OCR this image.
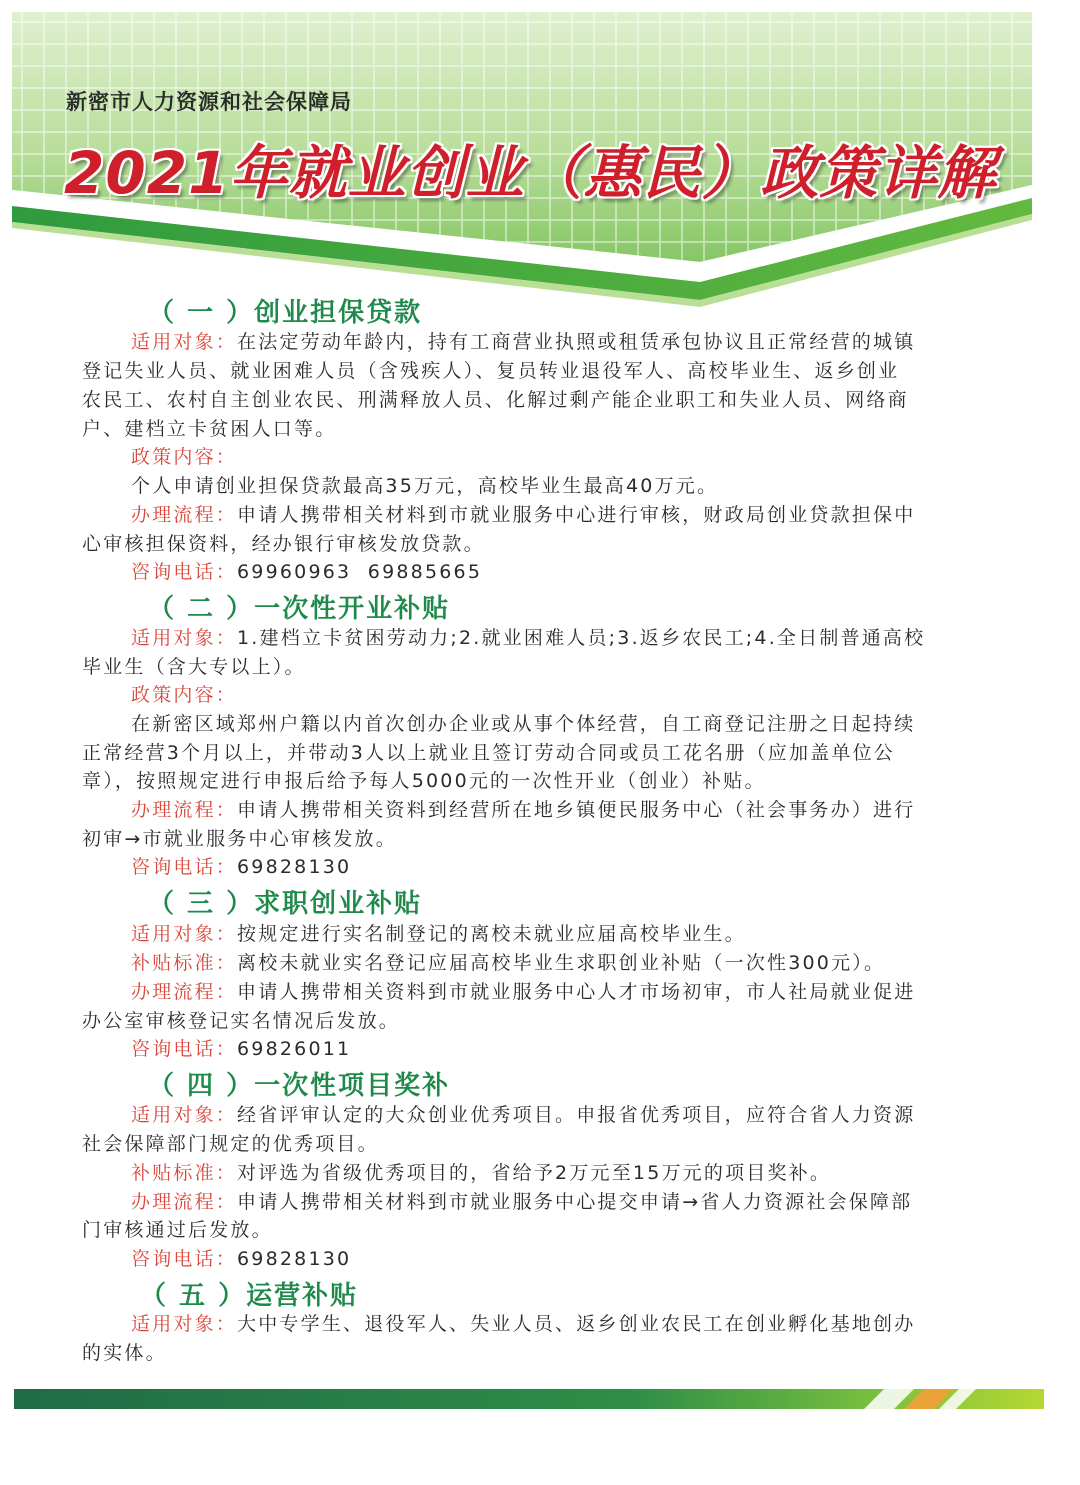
新密市人力资源和社会保障局
2021年就业创业（惠民）政策详解
（ 一 ）创业担保贷款
适用对象：在法定劳动年龄内，持有工商营业执照或租赁承包协议且正常经营的城镇
登记失业人员、就业困难人员（含残疾人）、复员转业退役军人、高校毕业生、返乡创业
农民工、农村自主创业农民、刑满释放人员、化解过剩产能企业职工和失业人员、网络商
户、建档立卡贫困人口等。
政策内容：
个人申请创业担保贷款最高35万元，高校毕业生最高40万元。
办理流程：申请人携带相关材料到市就业服务中心进行审核，财政局创业贷款担保中
心审核担保资料，经办银行审核发放贷款。
咨询电话：69960963  69885665
（ 二 ）一次性开业补贴
适用对象：1.建档立卡贫困劳动力;2.就业困难人员;3.返乡农民工;4.全日制普通高校
毕业生（含大专以上）。
政策内容：
在新密区域郑州户籍以内首次创办企业或从事个体经营，自工商登记注册之日起持续
正常经营3个月以上，并带动3人以上就业且签订劳动合同或员工花名册（应加盖单位公
章），按照规定进行申报后给予每人5000元的一次性开业（创业）补贴。
办理流程：申请人携带相关资料到经营所在地乡镇便民服务中心（社会事务办）进行
初审→市就业服务中心审核发放。
咨询电话：69828130
（ 三 ）求职创业补贴
适用对象：按规定进行实名制登记的离校未就业应届高校毕业生。
补贴标准：离校未就业实名登记应届高校毕业生求职创业补贴（一次性300元）。
办理流程：申请人携带相关资料到市就业服务中心人才市场初审，市人社局就业促进
办公室审核登记实名情况后发放。
咨询电话：69826011
（ 四 ）一次性项目奖补
适用对象：经省评审认定的大众创业优秀项目。申报省优秀项目，应符合省人力资源
社会保障部门规定的优秀项目。
补贴标准：对评选为省级优秀项目的，省给予2万元至15万元的项目奖补。
办理流程：申请人携带相关材料到市就业服务中心提交申请→省人力资源社会保障部
门审核通过后发放。
咨询电话：69828130
（ 五 ）运营补贴
适用对象：大中专学生、退役军人、失业人员、返乡创业农民工在创业孵化基地创办
的实体。
